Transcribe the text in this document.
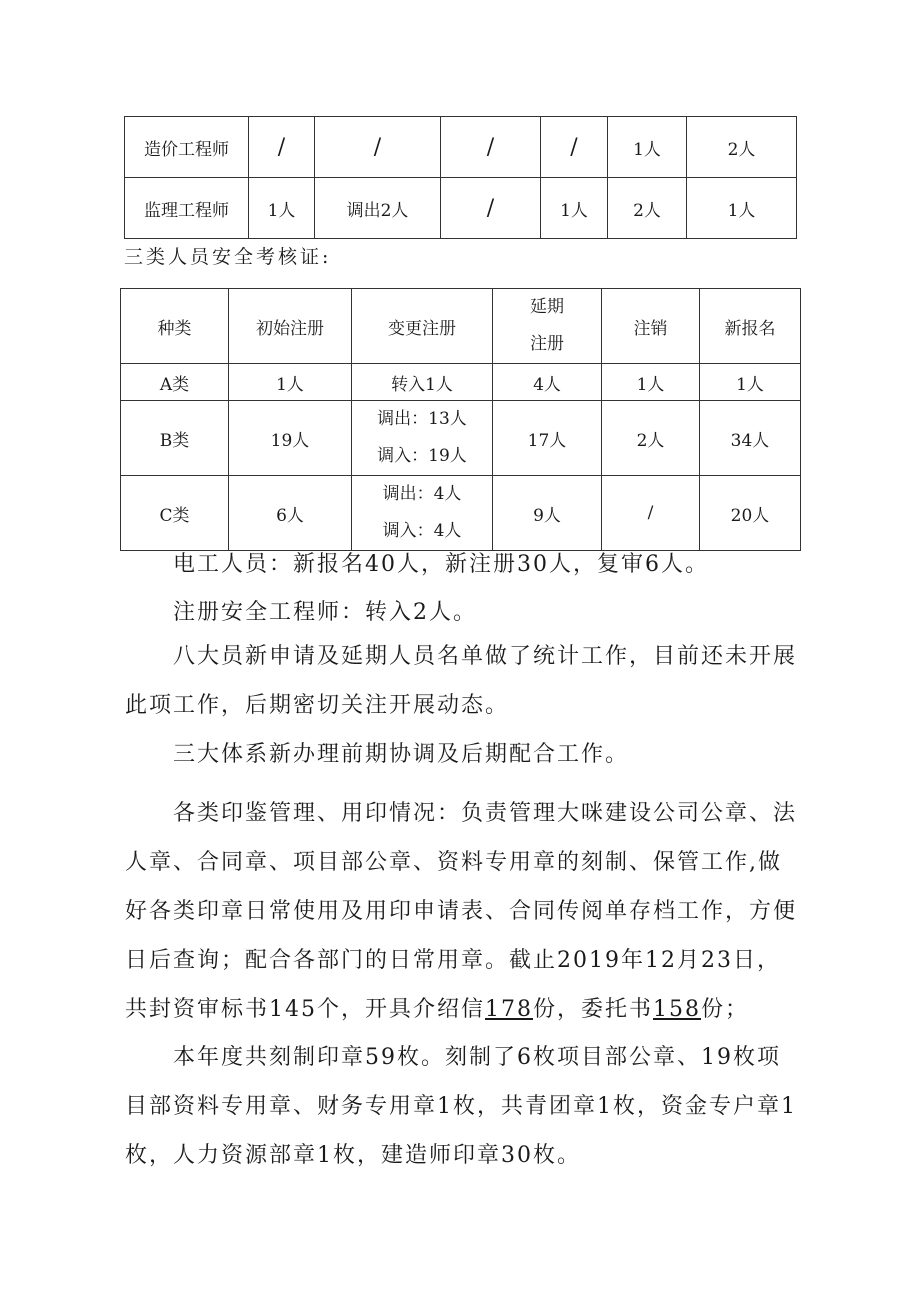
造价工程师	/	/	/	/	1人	2人
监理工程师	1人	调出2人	/	1人	2人	1人
三类人员安全考核证:
种类	初始注册	变更注册	延期
注册	注销	新报名
A类	1人	转入1人	4人	1人	1人
B类	19人	调出：13人
调入：19人	17人	2人	34人
C类	6人	调出：4人
调入：4人	9人	/	20人

电工人员：新报名40人，新注册30人，复审6人。

注册安全工程师：转入2人。

八大员新申请及延期人员名单做了统计工作，目前还未开展此项工作，后期密切关注开展动态。

三大体系新办理前期协调及后期配合工作。

各类印鉴管理、用印情况：负责管理大咪建设公司公章、法人章、合同章、项目部公章、资料专用章的刻制、保管工作,做好各类印章日常使用及用印申请表、合同传阅单存档工作，方便日后查询；配合各部门的日常用章。截止2019年12月23日，共封资审标书145个，开具介绍信178份，委托书158份；

本年度共刻制印章59枚。刻制了6枚项目部公章、19枚项目部资料专用章、财务专用章1枚，共青团章1枚，资金专户章1枚，人力资源部章1枚，建造师印章30枚。
